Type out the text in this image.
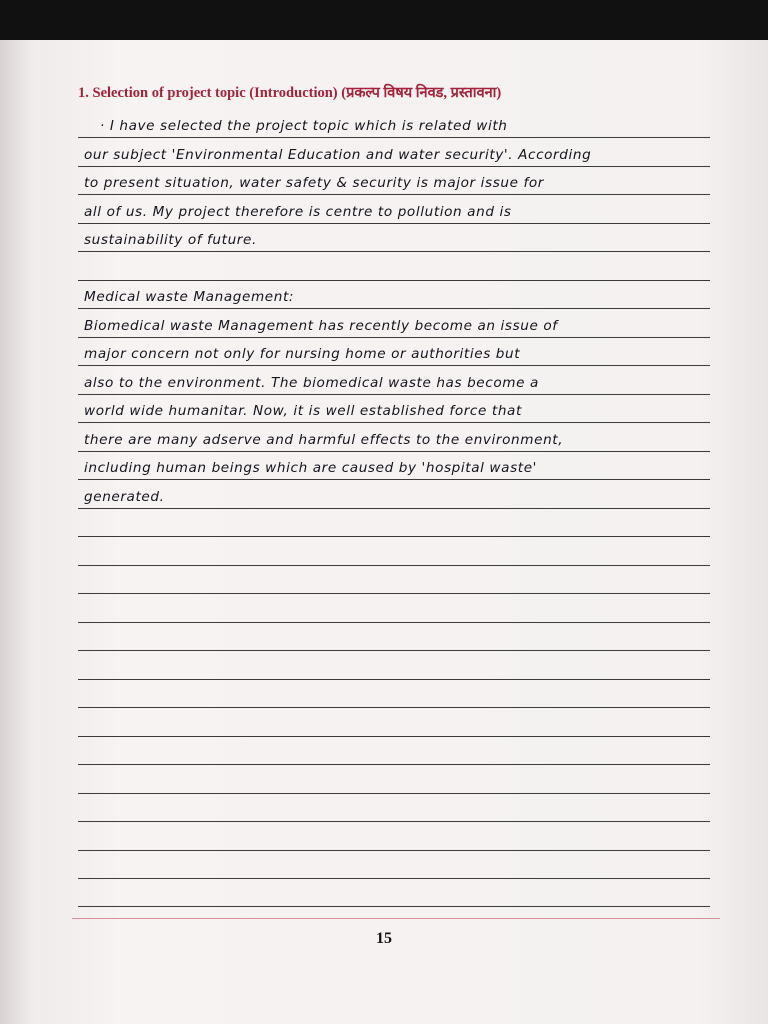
1. Selection of project topic (Introduction) (प्रकल्प विषय निवड, प्रस्तावना)
· I have selected the project topic which is related with
our subject 'Environmental Education and water security'. According
to present situation, water safety & security is major issue for
all of us. My project therefore is centre to pollution and is
sustainability of future.
Medical waste Management:
Biomedical waste Management has recently become an issue of
major concern not only for nursing home or authorities but
also to the environment. The biomedical waste has become a
world wide humanitar. Now, it is well established force that
there are many adserve and harmful effects to the environment,
including human beings which are caused by 'hospital waste'
generated.
15
